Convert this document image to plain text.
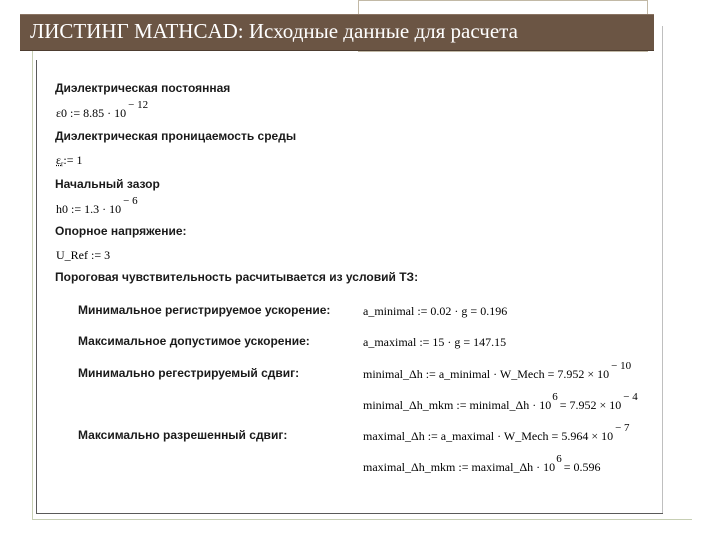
ЛИСТИНГ MATHCAD: Исходные данные для расчета
Диэлектрическая постоянная
ε0 := 8.85 · 10− 12
Диэлектрическая проницаемость среды
εr:= 1
Начальный зазор
h0 := 1.3 · 10− 6
Опорное напряжение:
U_Ref := 3
Пороговая чувствительность расчитывается из условий ТЗ:
Минимальное регистрируемое ускорение:	a_minimal := 0.02 · g = 0.196
Максимальное допустимое ускорение:	a_maximal := 15 · g = 147.15
Минимально регестрируемый сдвиг:	minimal_Δh := a_minimal · W_Mech = 7.952 × 10− 10
minimal_Δh_mkm := minimal_Δh · 106 = 7.952 × 10− 4
Максимально разрешенный сдвиг:	maximal_Δh := a_maximal · W_Mech = 5.964 × 10− 7
maximal_Δh_mkm := maximal_Δh · 106 = 0.596
